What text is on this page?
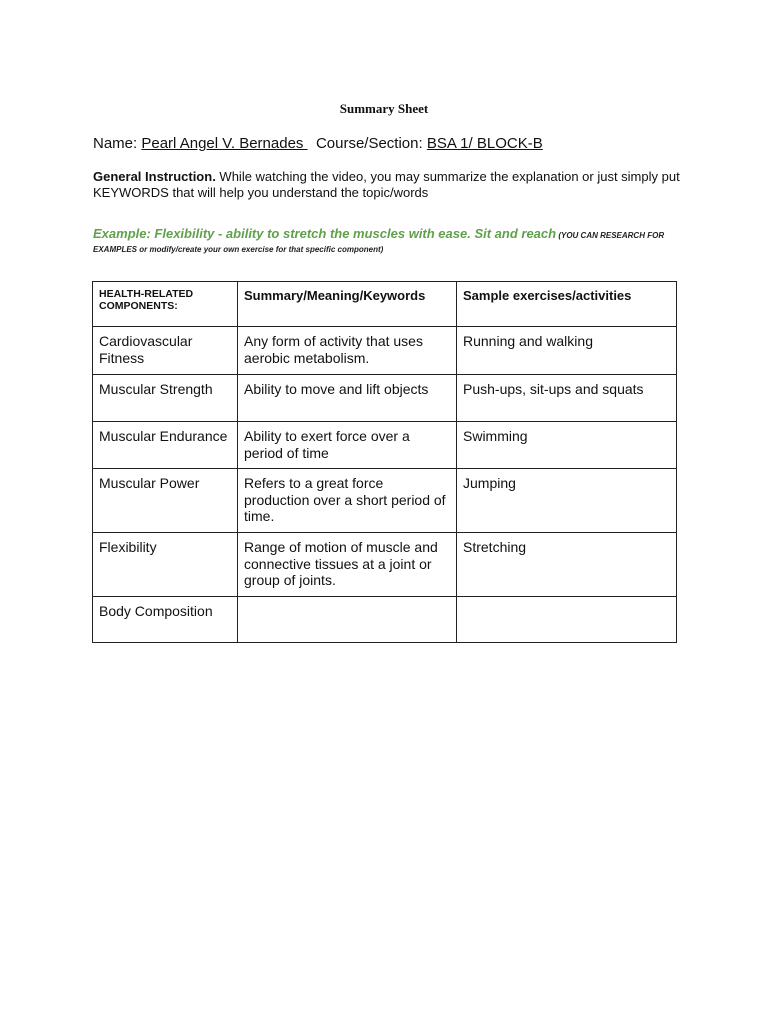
Summary Sheet
Name: Pearl Angel V. Bernades   Course/Section: BSA 1/ BLOCK-B
General Instruction. While watching the video, you may summarize the explanation or just simply put KEYWORDS that will help you understand the topic/words
Example: Flexibility - ability to stretch the muscles with ease. Sit and reach (YOU CAN RESEARCH FOR EXAMPLES or modify/create your own exercise for that specific component)
HEALTH-RELATED COMPONENTS:	Summary/Meaning/Keywords	Sample exercises/activities
Cardiovascular Fitness	Any form of activity that uses aerobic metabolism.	Running and walking
Muscular Strength	Ability to move and lift objects	Push-ups, sit-ups and squats
Muscular Endurance	Ability to exert force over a period of time	Swimming
Muscular Power	Refers to a great force production over a short period of time.	Jumping
Flexibility	Range of motion of muscle and connective tissues at a joint or group of joints.	Stretching
Body Composition		
